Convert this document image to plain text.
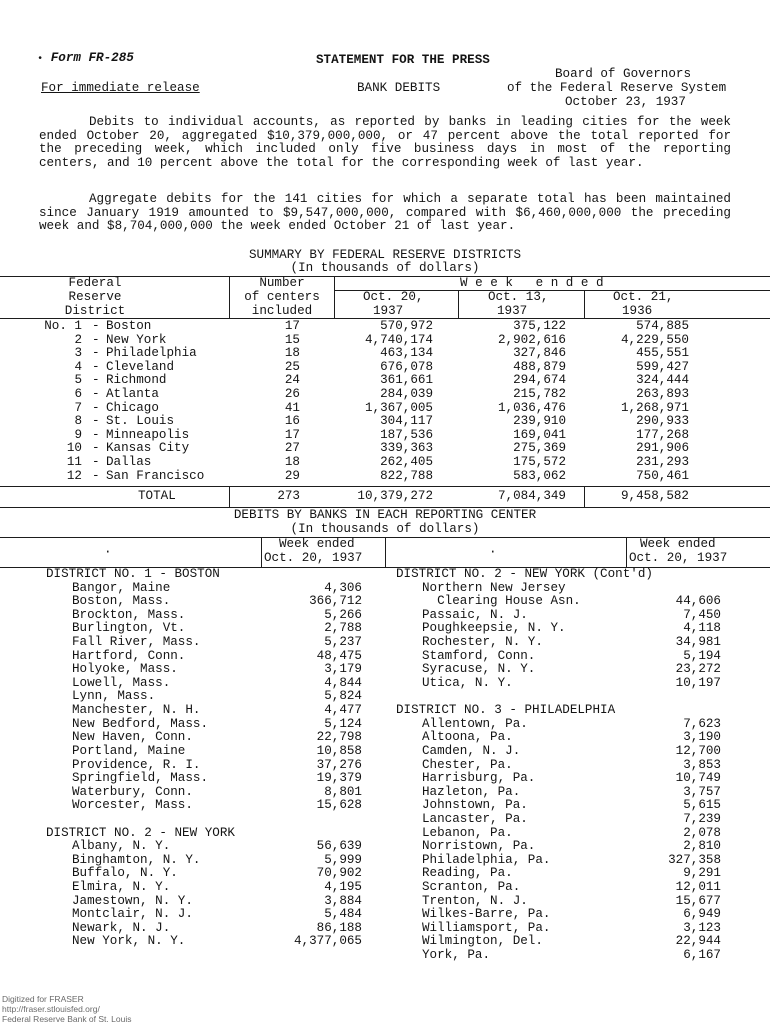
• Form FR-285	STATEMENT FOR THE PRESS
Board of Governors
For immediate release	BANK DEBITS	of the Federal Reserve System
October 23, 1937

Debits to individual accounts, as reported by banks in leading cities for the week ended October 20, aggregated $10,379,000,000, or 47 percent above the total reported for the preceding week, which included only five business days in most of the reporting centers, and 10 percent above the total for the corresponding week of last year.

Aggregate debits for the 141 cities for which a separate total has been maintained since January 1919 amounted to $9,547,000,000, compared with $6,460,000,000 the preceding week and $8,704,000,000 the week ended October 21 of last year.

SUMMARY BY FEDERAL RESERVE DISTRICTS
(In thousands of dollars)
Federal
Reserve
District
Number
of centers
included
W e e k   e n d e d
Oct. 20,
1937
Oct. 13,
1937
Oct. 21,
1936
No. 1 - Boston	17	570,972	375,122	574,885
2 - New York	15	4,740,174	2,902,616	4,229,550
3 - Philadelphia	18	463,134	327,846	455,551
4 - Cleveland	25	676,078	488,879	599,427
5 - Richmond	24	361,661	294,674	324,444
6 - Atlanta	26	284,039	215,782	263,893
7 - Chicago	41	1,367,005	1,036,476	1,268,971
8 - St. Louis	16	304,117	239,910	290,933
9 - Minneapolis	17	187,536	169,041	177,268
10 - Kansas City	27	339,363	275,369	291,906
11 - Dallas	18	262,405	175,572	231,293
12 - San Francisco	29	822,788	583,062	750,461
TOTAL	273	10,379,272	7,084,349	9,458,582
DEBITS BY BANKS IN EACH REPORTING CENTER
(In thousands of dollars)
·	·
Week ended
Oct. 20, 1937
Week ended
Oct. 20, 1937
DISTRICT NO. 1 - BOSTON
Bangor, Maine	4,306
Boston, Mass.	366,712
Brockton, Mass.	5,266
Burlington, Vt.	2,788
Fall River, Mass.	5,237
Hartford, Conn.	48,475
Holyoke, Mass.	3,179
Lowell, Mass.	4,844
Lynn, Mass.	5,824
Manchester, N. H.	4,477
New Bedford, Mass.	5,124
New Haven, Conn.	22,798
Portland, Maine	10,858
Providence, R. I.	37,276
Springfield, Mass.	19,379
Waterbury, Conn.	8,801
Worcester, Mass.	15,628
DISTRICT NO. 2 - NEW YORK
Albany, N. Y.	56,639
Binghamton, N. Y.	5,999
Buffalo, N. Y.	70,902
Elmira, N. Y.	4,195
Jamestown, N. Y.	3,884
Montclair, N. J.	5,484
Newark, N. J.	86,188
New York, N. Y.	4,377,065
DISTRICT NO. 2 - NEW YORK (Cont'd)
Northern New Jersey
Clearing House Asn.	44,606
Passaic, N. J.	7,450
Poughkeepsie, N. Y.	4,118
Rochester, N. Y.	34,981
Stamford, Conn.	5,194
Syracuse, N. Y.	23,272
Utica, N. Y.	10,197
DISTRICT NO. 3 - PHILADELPHIA
Allentown, Pa.	7,623
Altoona, Pa.	3,190
Camden, N. J.	12,700
Chester, Pa.	3,853
Harrisburg, Pa.	10,749
Hazleton, Pa.	3,757
Johnstown, Pa.	5,615
Lancaster, Pa.	7,239
Lebanon, Pa.	2,078
Norristown, Pa.	2,810
Philadelphia, Pa.	327,358
Reading, Pa.	9,291
Scranton, Pa.	12,011
Trenton, N. J.	15,677
Wilkes-Barre, Pa.	6,949
Williamsport, Pa.	3,123
Wilmington, Del.	22,944
York, Pa.	6,167
Digitized for FRASER
http://fraser.stlouisfed.org/
Federal Reserve Bank of St. Louis
